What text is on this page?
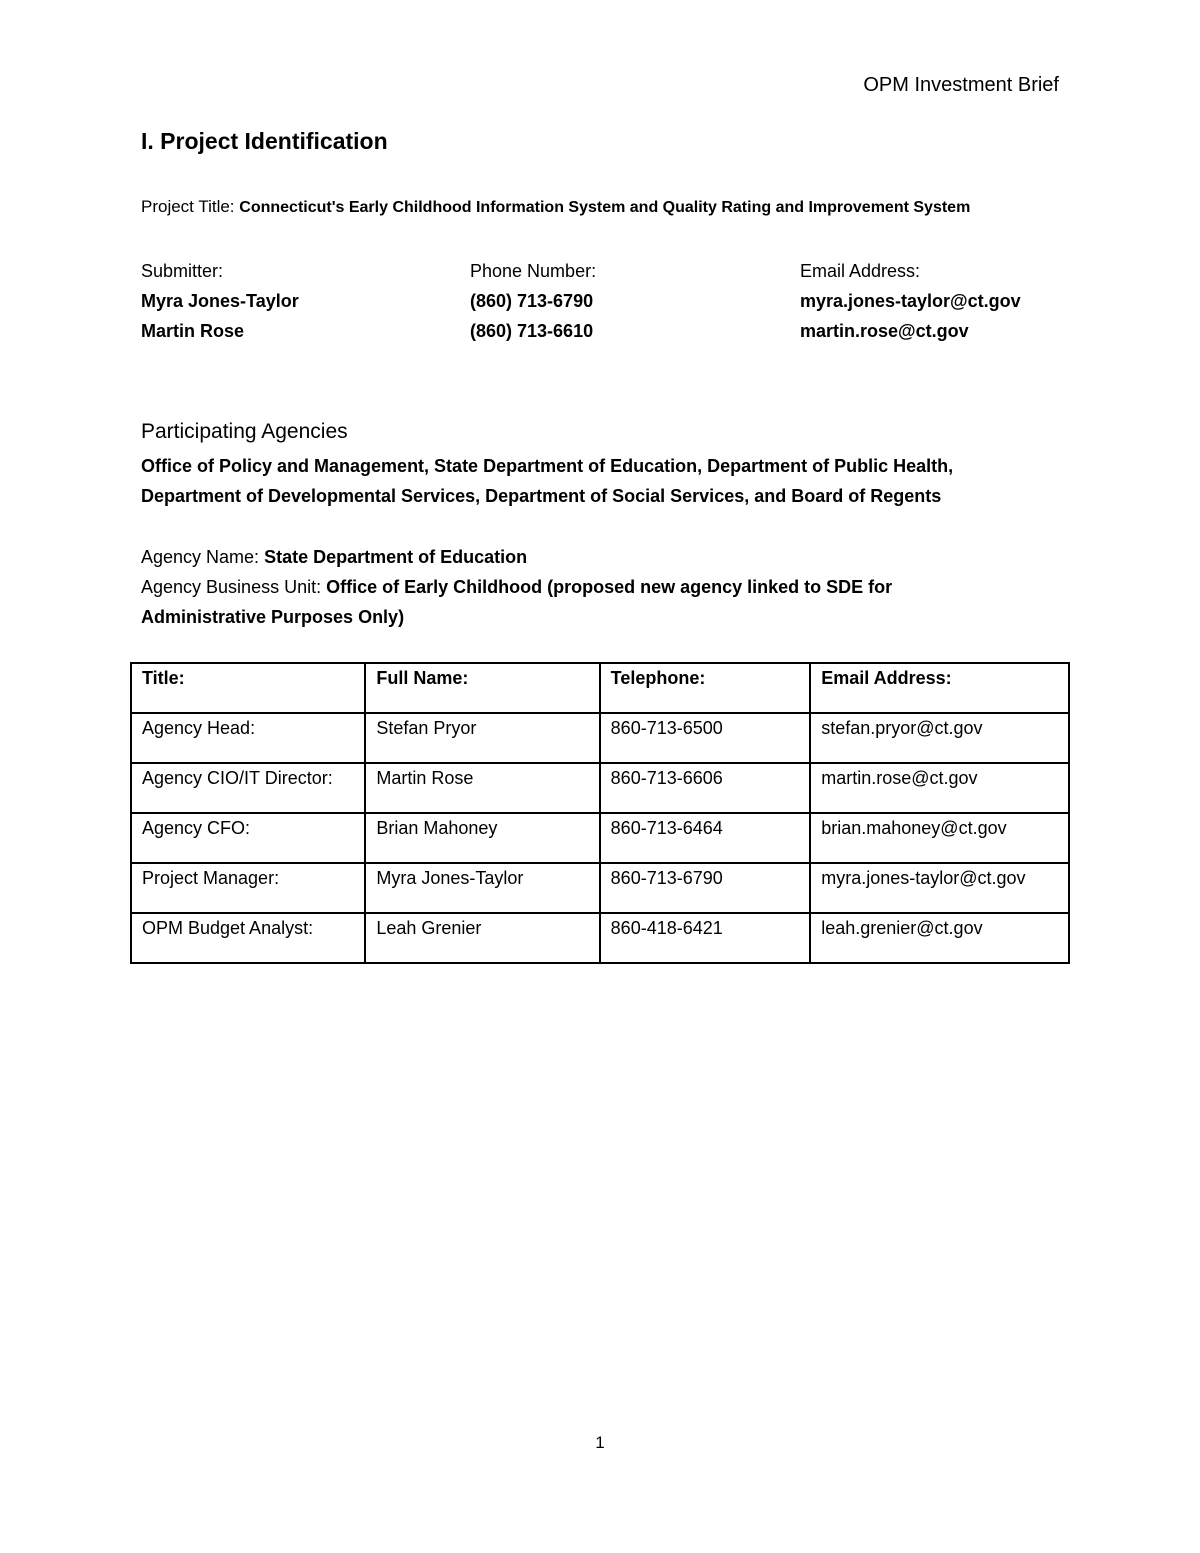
OPM Investment Brief
I. Project Identification
Project Title: Connecticut's Early Childhood Information System and Quality Rating and Improvement System
Submitter:	Phone Number:	Email Address:
Myra Jones-Taylor	(860) 713-6790	myra.jones-taylor@ct.gov
Martin Rose	(860) 713-6610	martin.rose@ct.gov
Participating Agencies
Office of Policy and Management, State Department of Education, Department of Public Health,
Department of Developmental Services, Department of Social Services, and Board of Regents
Agency Name: State Department of Education
Agency Business Unit: Office of Early Childhood (proposed new agency linked to SDE for
Administrative Purposes Only)
Title:	Full Name:	Telephone:	Email Address:
Agency Head:	Stefan Pryor	860-713-6500	stefan.pryor@ct.gov
Agency CIO/IT Director:	Martin Rose	860-713-6606	martin.rose@ct.gov
Agency CFO:	Brian Mahoney	860-713-6464	brian.mahoney@ct.gov
Project Manager:	Myra Jones-Taylor	860-713-6790	myra.jones-taylor@ct.gov
OPM Budget Analyst:	Leah Grenier	860-418-6421	leah.grenier@ct.gov
1
